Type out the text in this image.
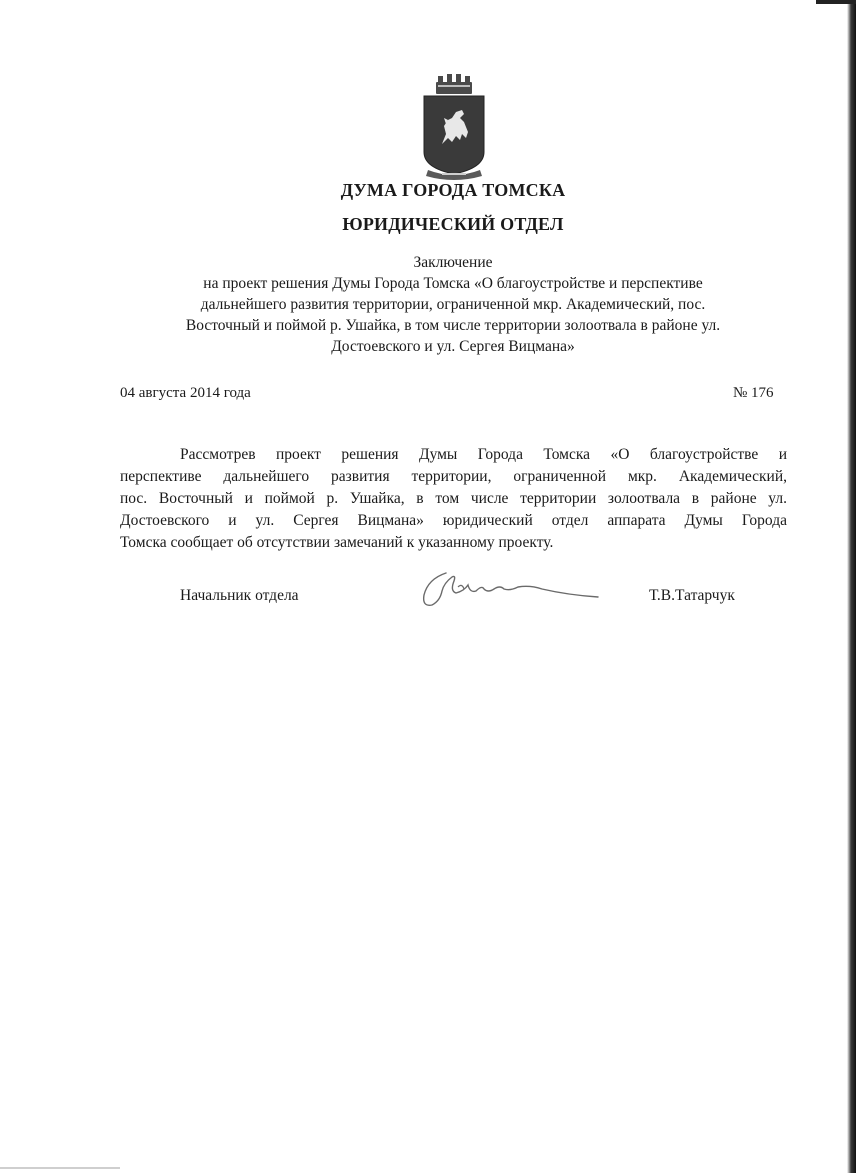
ДУМА ГОРОДА ТОМСКА
ЮРИДИЧЕСКИЙ ОТДЕЛ
Заключение
на проект решения Думы Города Томска «О благоустройстве и перспективе
дальнейшего развития территории, ограниченной мкр. Академический, пос.
Восточный и поймой р. Ушайка, в том числе территории золоотвала в районе ул.
Достоевского и ул. Сергея Вицмана»
04 августа 2014 года	№ 176
Рассмотрев проект решения Думы Города Томска «О благоустройстве и
перспективе дальнейшего развития территории, ограниченной мкр. Академический,
пос. Восточный и поймой р. Ушайка, в том числе территории золоотвала в районе ул.
Достоевского и ул. Сергея Вицмана» юридический отдел аппарата Думы Города
Томска сообщает об отсутствии замечаний к указанному проекту.
Начальник отдела	Т.В.Татарчук
